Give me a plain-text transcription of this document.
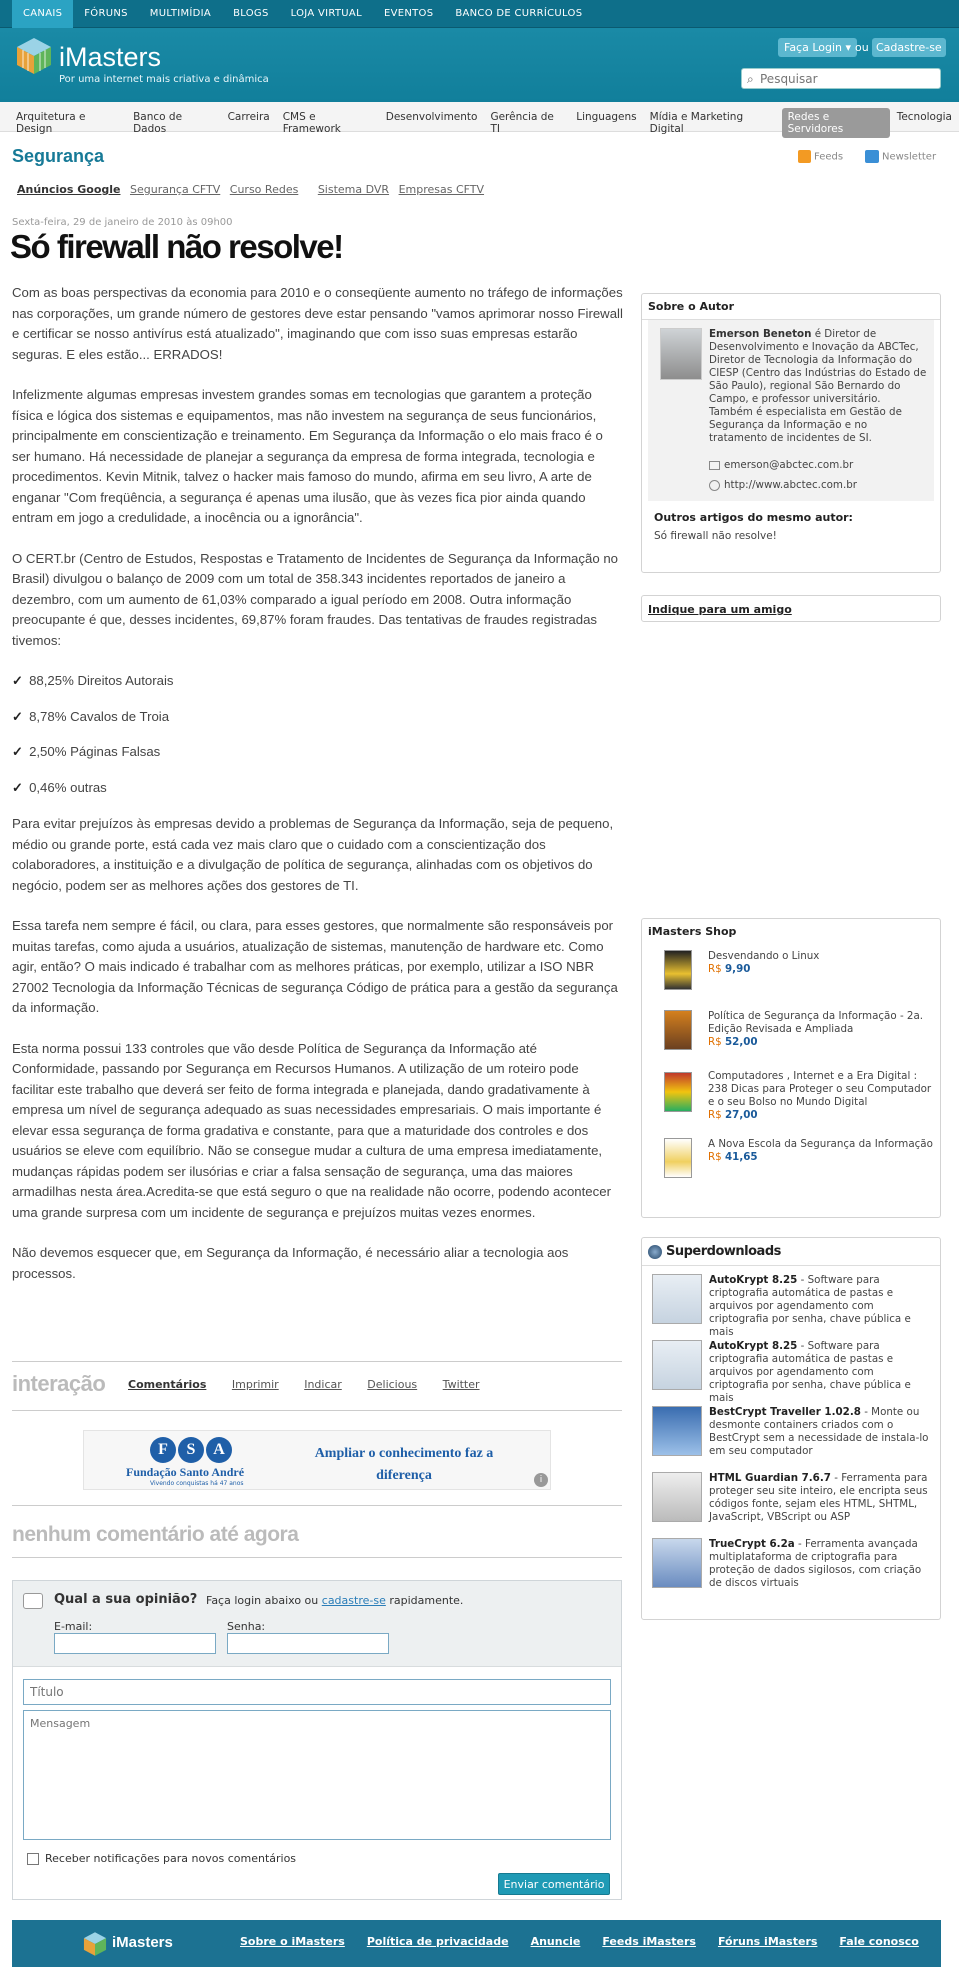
CANAIS	FÓRUNS	MULTIMÍDIA	BLOGS	LOJA VIRTUAL	EVENTOS	BANCO DE CURRÍCULOS
iMasters
Por uma internet mais criativa e dinâmica
Faça Login ▾ ou Cadastre-se
⌕
Pesquisar
Arquitetura e Design
Banco de Dados
Carreira	CMS e Framework
Desenvolvimento	Gerência de TI
Linguagens	Mídia e Marketing Digital
Redes e Servidores
Tecnologia
Segurança	Feeds	Newsletter
Anúncios Google Segurança CFTV Curso Redes Sistema DVR Empresas CFTV
Sexta-feira, 29 de janeiro de 2010 às 09h00
Só firewall não resolve!

Com as boas perspectivas da economia para 2010 e o conseqüente aumento no tráfego de informações nas corporações, um grande número de gestores deve estar pensando "vamos aprimorar nosso Firewall e certificar se nosso antivírus está atualizado", imaginando que com isso suas empresas estarão seguras. E eles estão... ERRADOS!

Infelizmente algumas empresas investem grandes somas em tecnologias que garantem a proteção física e lógica dos sistemas e equipamentos, mas não investem na segurança de seus funcionários, principalmente em conscientização e treinamento. Em Segurança da Informação o elo mais fraco é o ser humano. Há necessidade de planejar a segurança da empresa de forma integrada, tecnologia e procedimentos. Kevin Mitnik, talvez o hacker mais famoso do mundo, afirma em seu livro, A arte de enganar "Com freqüência, a segurança é apenas uma ilusão, que às vezes fica pior ainda quando entram em jogo a credulidade, a inocência ou a ignorância".

O CERT.br (Centro de Estudos, Respostas e Tratamento de Incidentes de Segurança da Informação no Brasil) divulgou o balanço de 2009 com um total de 358.343 incidentes reportados de janeiro a dezembro, com um aumento de 61,03% comparado a igual período em 2008. Outra informação preocupante é que, desses incidentes, 69,87% foram fraudes. Das tentativas de fraudes registradas tivemos:

✓ 88,25% Direitos Autorais
✓ 8,78% Cavalos de Troia
✓ 2,50% Páginas Falsas
✓ 0,46% outras

Para evitar prejuízos às empresas devido a problemas de Segurança da Informação, seja de pequeno, médio ou grande porte, está cada vez mais claro que o cuidado com a conscientização dos colaboradores, a instituição e a divulgação de política de segurança, alinhadas com os objetivos do negócio, podem ser as melhores ações dos gestores de TI.

Essa tarefa nem sempre é fácil, ou clara, para esses gestores, que normalmente são responsáveis por muitas tarefas, como ajuda a usuários, atualização de sistemas, manutenção de hardware etc. Como agir, então? O mais indicado é trabalhar com as melhores práticas, por exemplo, utilizar a ISO NBR 27002 Tecnologia da Informação Técnicas de segurança Código de prática para a gestão da segurança da informação.

Esta norma possui 133 controles que vão desde Política de Segurança da Informação até Conformidade, passando por Segurança em Recursos Humanos. A utilização de um roteiro pode facilitar este trabalho que deverá ser feito de forma integrada e planejada, dando gradativamente à empresa um nível de segurança adequado as suas necessidades empresariais. O mais importante é elevar essa segurança de forma gradativa e constante, para que a maturidade dos controles e dos usuários se eleve com equilíbrio. Não se consegue mudar a cultura de uma empresa imediatamente, mudanças rápidas podem ser ilusórias e criar a falsa sensação de segurança, uma das maiores armadilhas nesta área.Acredita-se que está seguro o que na realidade não ocorre, podendo acontecer uma grande surpresa com um incidente de segurança e prejuízos muitas vezes enormes.

Não devemos esquecer que, em Segurança da Informação, é necessário aliar a tecnologia aos processos.

interação Comentários Imprimir Indicar Delicious Twitter
F	S	A
Fundação Santo André
Vivendo conquistas há 47 anos
Ampliar o conhecimento faz a diferença	i
nenhum comentário até agora
Qual a sua opinião? Faça login abaixo ou cadastre-se rapidamente.
E-mail:	Senha:
Título
Mensagem
Receber notificações para novos comentários
Enviar comentário
Sobre o Autor
Emerson Beneton é Diretor de Desenvolvimento e Inovação da ABCTec, Diretor de Tecnologia da Informação do CIESP (Centro das Indústrias do Estado de São Paulo), regional São Bernardo do Campo, e professor universitário. Também é especialista em Gestão de Segurança da Informação e no tratamento de incidentes de SI.
emerson@abctec.com.br
http://www.abctec.com.br
Outros artigos do mesmo autor:
Só firewall não resolve!
Indique para um amigo
iMasters Shop
Desvendando o Linux
R$ 9,90
Política de Segurança da Informação - 2a. Edição Revisada e Ampliada
R$ 52,00
Computadores , Internet e a Era Digital : 238 Dicas para Proteger o seu Computador e o seu Bolso no Mundo Digital
R$ 27,00
A Nova Escola da Segurança da Informação
R$ 41,65
Superdownloads
AutoKrypt 8.25 - Software para criptografia automática de pastas e arquivos por agendamento com criptografia por senha, chave pública e mais
AutoKrypt 8.25 - Software para criptografia automática de pastas e arquivos por agendamento com criptografia por senha, chave pública e mais
BestCrypt Traveller 1.02.8 - Monte ou desmonte containers criados com o BestCrypt sem a necessidade de instala-lo em seu computador
HTML Guardian 7.6.7 - Ferramenta para proteger seu site inteiro, ele encripta seus códigos fonte, sejam eles HTML, SHTML, JavaScript, VBScript ou ASP
TrueCrypt 6.2a - Ferramenta avançada multiplataforma de criptografia para proteção de dados sigilosos, com criação de discos virtuais
iMasters	Sobre o iMasters Política de privacidade Anuncie Feeds iMasters Fóruns iMasters Fale conosco
